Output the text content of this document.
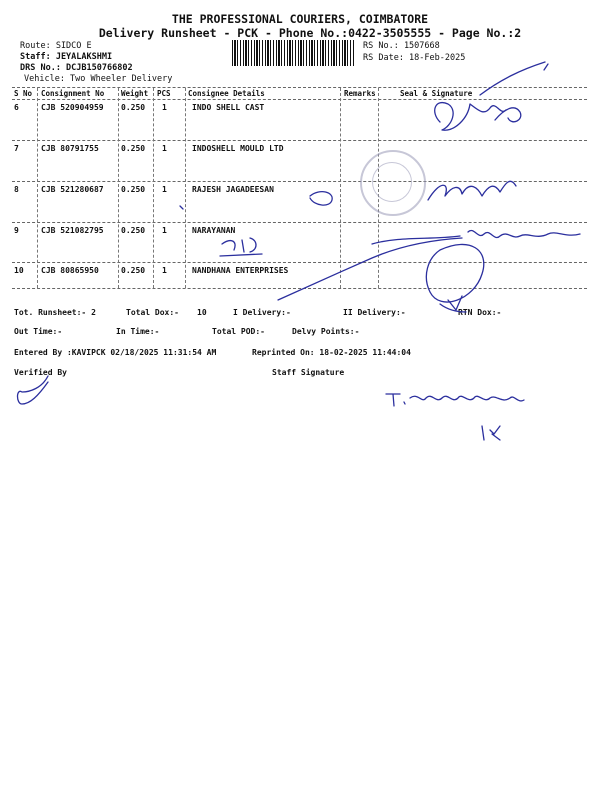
THE PROFESSIONAL COURIERS, COIMBATORE
Delivery Runsheet - PCK - Phone No.:0422-3505555 - Page No.:2
Route: SIDCO E
Staff: JEYALAKSHMI
DRS No.: DCJB150766802
Vehicle: Two Wheeler Delivery
RS No.: 1507668
RS Date: 18-Feb-2025
S No Consignment No Weight PCS Consignee Details	Remarks	Seal & Signature
6	CJB 520904959 0.250 1	INDO SHELL CAST
7	CJB 80791755	0.250 1	INDOSHELL MOULD LTD
8	CJB 521280687 0.250 1	RAJESH JAGADEESAN
9	CJB 521082795 0.250 1	NARAYANAN
10 CJB 80865950	0.250 1	NANDHANA ENTERPRISES
Tot. Runsheet:- 2	Total Dox:- 10	I Delivery:-	II Delivery:-	RTN Dox:-
Out Time:-	In Time:-	Total POD:-	Delvy Points:-
Entered By :KAVIPCK 02/18/2025 11:31:54 AM	Reprinted On: 18-02-2025 11:44:04
Verified By	Staff Signature
